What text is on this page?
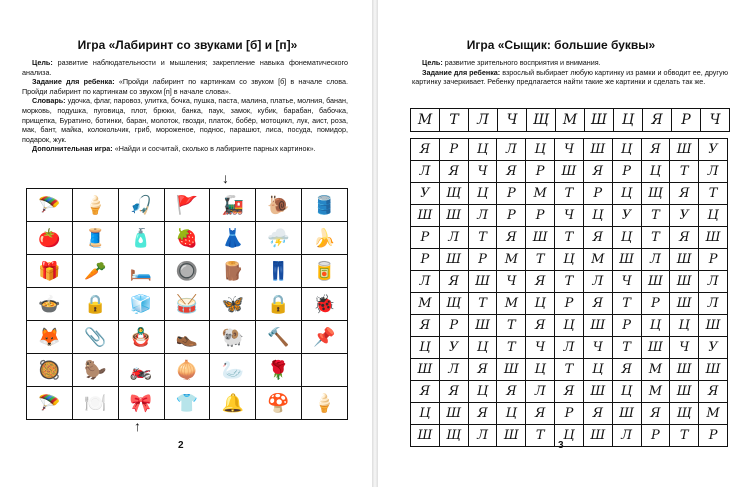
Игра «Лабиринт со звуками [б] и [п]»

Цель: развитие наблюдательности и мышления; закрепление навыка фонематического анализа.

Задание для ребенка: «Пройди лабиринт по картинкам со звуком [б] в начале слова. Пройди лабиринт по картинкам со звуком [п] в начале слова».

Словарь: удочка, флаг, паровоз, улитка, бочка, пушка, паста, малина, платье, молния, банан, морковь, подушка, пуговица, плот, брюки, банка, паук, замок, кубик, барабан, бабочка, прищепка, Буратино, ботинки, баран, молоток, гвозди, платок, бобёр, мотоцикл, лук, аист, роза, мак, бант, майка, колокольчик, гриб, мороженое, поднос, парашют, лиса, посуда, помидор, подарок, жук.

Дополнительная игра: «Найди и сосчитай, сколько в лабиринте парных картинок».

↓
🪂	🍦	🎣	🚩	🚂	🐌	🛢️
🍅	🧵	🧴	🍓	👗	⛈️	🍌
🎁	🥕	🛏️	🔘	🪵	👖	🥫
🍲	🔒	🧊	🥁	🦋	🔒	🐞
🦊	📎	🪆	👞	🐏	🔨	📌
🥘	🦫	🏍️	🧅	🦢	🌹	
🪂	🍽️	🎀	👕	🔔	🍄	🍦
↑
2
Игра «Сыщик: большие буквы»

Цель: развитие зрительного восприятия и внимания.

Задание для ребенка: взрослый выбирает любую картинку из рамки и обводит ее, другую картинку зачеркивает. Ребенку предлагается найти такие же картинки и сделать так же.

М	Т	Л	Ч	Щ М Ш	Ц	Я	Р	Ч
Я	Р	Ц	Л	Ц	Ч	Ш	Ц	Я	Ш	У
Л	Я	Ч	Я	Р	Ш	Я	Р	Ц	Т	Л
У	Щ	Ц	Р	М	Т	Р	Ц	Щ	Я	Т
Ш	Ш	Л	Р	Р	Ч	Ц	У	Т	У	Ц
Р	Л	Т	Я	Ш	Т	Я	Ц	Т	Я	Ш
Р	Ш	Р	М	Т	Ц	М	Ш	Л	Ш	Р
Л	Я	Ш	Ч	Я	Т	Л	Ч	Ш	Ш	Л
М	Щ	Т	М	Ц	Р	Я	Т	Р	Ш	Л
Я	Р	Ш	Т	Я	Ц	Ш	Р	Ц	Ц	Ш
Ц	У	Ц	Т	Ч	Л	Ч	Т	Ш	Ч	У
Ш	Л	Я	Ш	Ц	Т	Ц	Я	М	Ш	Ш
Я	Я	Ц	Я	Л	Я	Ш	Ц	М	Ш	Я
Ц	Ш	Я	Ц	Я	Р	Я	Ш	Я	Щ	М
Ш	Щ	Л	Ш	Т	Ц	Ш	Л	Р	Т	Р
3
